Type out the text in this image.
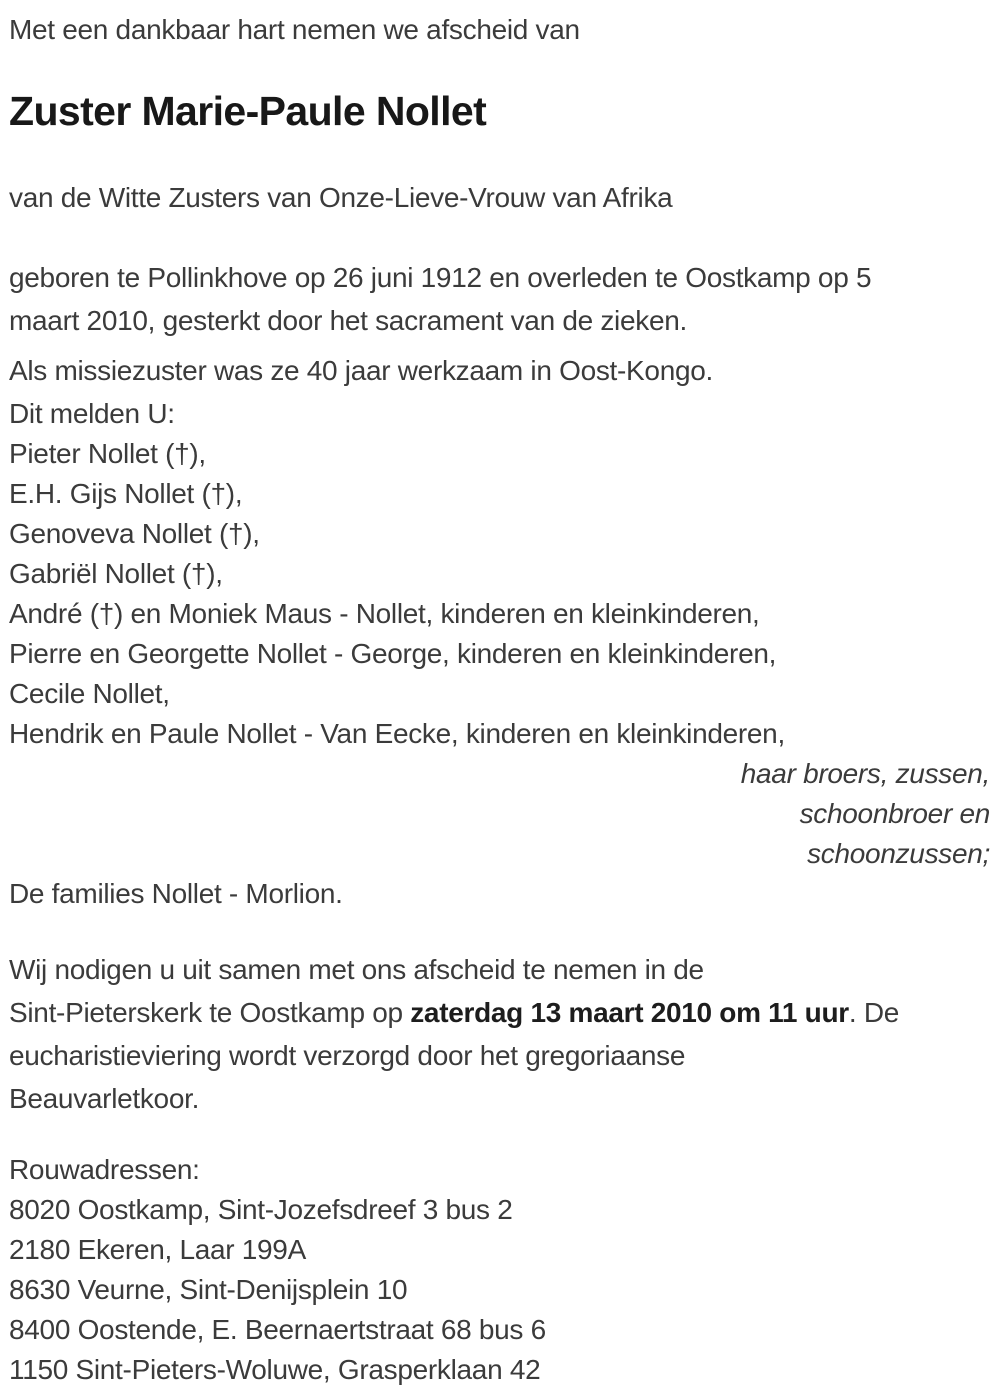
Met een dankbaar hart nemen we afscheid van
Zuster Marie-Paule Nollet
van de Witte Zusters van Onze-Lieve-Vrouw van Afrika
geboren te Pollinkhove op 26 juni 1912 en overleden te Oostkamp op 5
maart 2010, gesterkt door het sacrament van de zieken.
Als missiezuster was ze 40 jaar werkzaam in Oost-Kongo.
Dit melden U:
Pieter Nollet (†),
E.H. Gijs Nollet (†),
Genoveva Nollet (†),
Gabriël Nollet (†),
André (†) en Moniek Maus - Nollet, kinderen en kleinkinderen,
Pierre en Georgette Nollet - George, kinderen en kleinkinderen,
Cecile Nollet,
Hendrik en Paule Nollet - Van Eecke, kinderen en kleinkinderen,
haar broers, zussen,
schoonbroer en
schoonzussen;
De families Nollet - Morlion.
Wij nodigen u uit samen met ons afscheid te nemen in de
Sint-Pieterskerk te Oostkamp op zaterdag 13 maart 2010 om 11 uur. De
eucharistieviering wordt verzorgd door het gregoriaanse
Beauvarletkoor.
Rouwadressen:
8020 Oostkamp, Sint-Jozefsdreef 3 bus 2
2180 Ekeren, Laar 199A
8630 Veurne, Sint-Denijsplein 10
8400 Oostende, E. Beernaertstraat 68 bus 6
1150 Sint-Pieters-Woluwe, Grasperklaan 42
